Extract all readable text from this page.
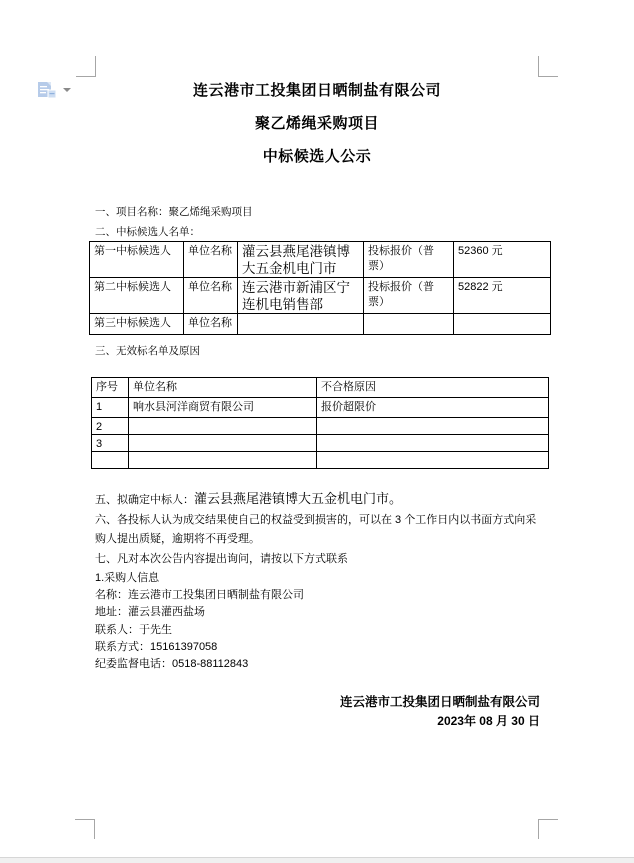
连云港市工投集团日晒制盐有限公司
聚乙烯绳采购项目
中标候选人公示
一、项目名称：聚乙烯绳采购项目
二、中标候选人名单：
第一中标候选人	单位名称	灌云县燕尾港镇博大五金机电门市	投标报价（普票）	52360 元
第二中标候选人	单位名称	连云港市新浦区宁连机电销售部	投标报价（普票）	52822 元
第三中标候选人	单位名称			
三、无效标名单及原因
序号	单位名称	不合格原因
1	响水县河洋商贸有限公司	报价超限价
2		
3		

五、拟确定中标人：灌云县燕尾港镇博大五金机电门市。

六、各投标人认为成交结果使自己的权益受到损害的，可以在 3 个工作日内以书面方式向采购人提出质疑，逾期将不再受理。

七、凡对本次公告内容提出询问，请按以下方式联系

1.采购人信息

名称：连云港市工投集团日晒制盐有限公司

地址：灌云县灌西盐场

联系人：于先生

联系方式：15161397058

纪委监督电话：0518-88112843

连云港市工投集团日晒制盐有限公司
2023年 08 月 30 日
